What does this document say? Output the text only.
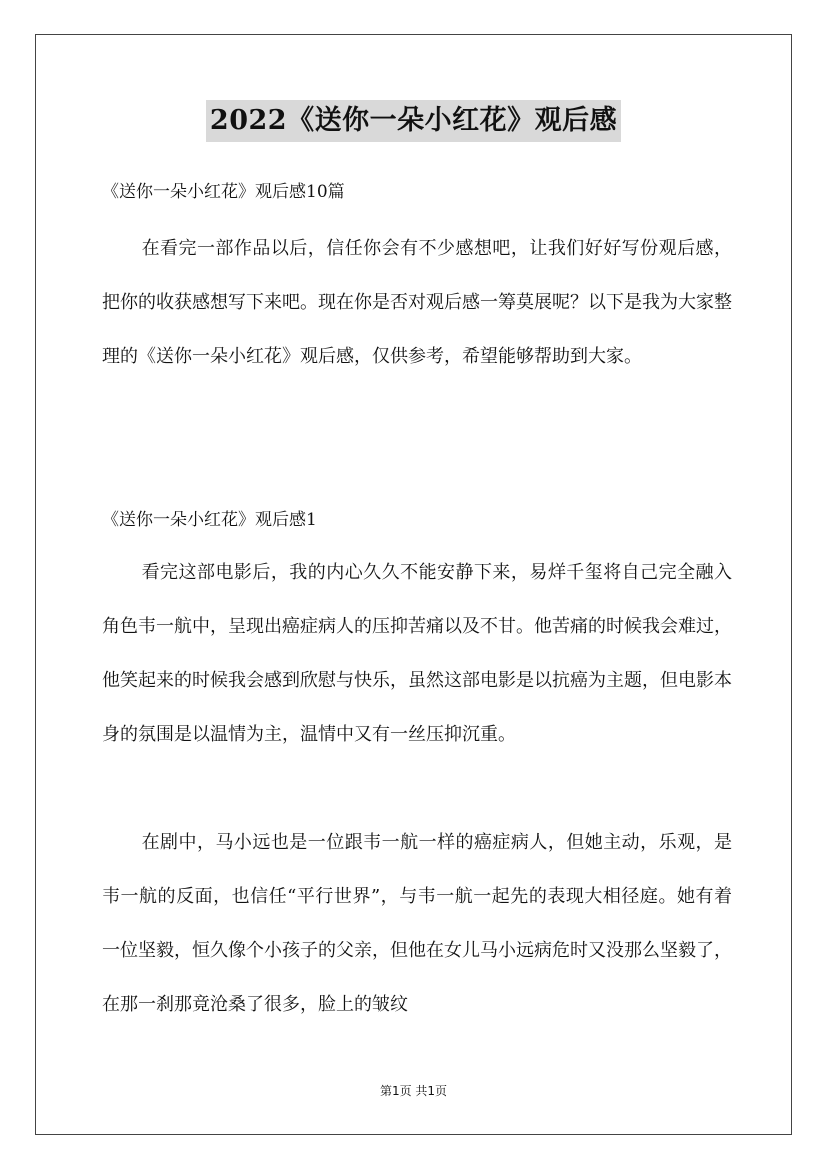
2022《送你一朵小红花》观后感
《送你一朵小红花》观后感10篇

在看完一部作品以后，信任你会有不少感想吧，让我们好好写份观后感，把你的收获感想写下来吧。现在你是否对观后感一筹莫展呢？以下是我为大家整理的《送你一朵小红花》观后感，仅供参考，希望能够帮助到大家。

《送你一朵小红花》观后感1

看完这部电影后，我的内心久久不能安静下来，易烊千玺将自己完全融入角色韦一航中，呈现出癌症病人的压抑苦痛以及不甘。他苦痛的时候我会难过，他笑起来的时候我会感到欣慰与快乐，虽然这部电影是以抗癌为主题，但电影本身的氛围是以温情为主，温情中又有一丝压抑沉重。

在剧中，马小远也是一位跟韦一航一样的癌症病人，但她主动，乐观，是韦一航的反面，也信任“平行世界”，与韦一航一起先的表现大相径庭。她有着一位坚毅，恒久像个小孩子的父亲，但他在女儿马小远病危时又没那么坚毅了，在那一刹那竟沧桑了很多，脸上的皱纹

第1页 共1页
